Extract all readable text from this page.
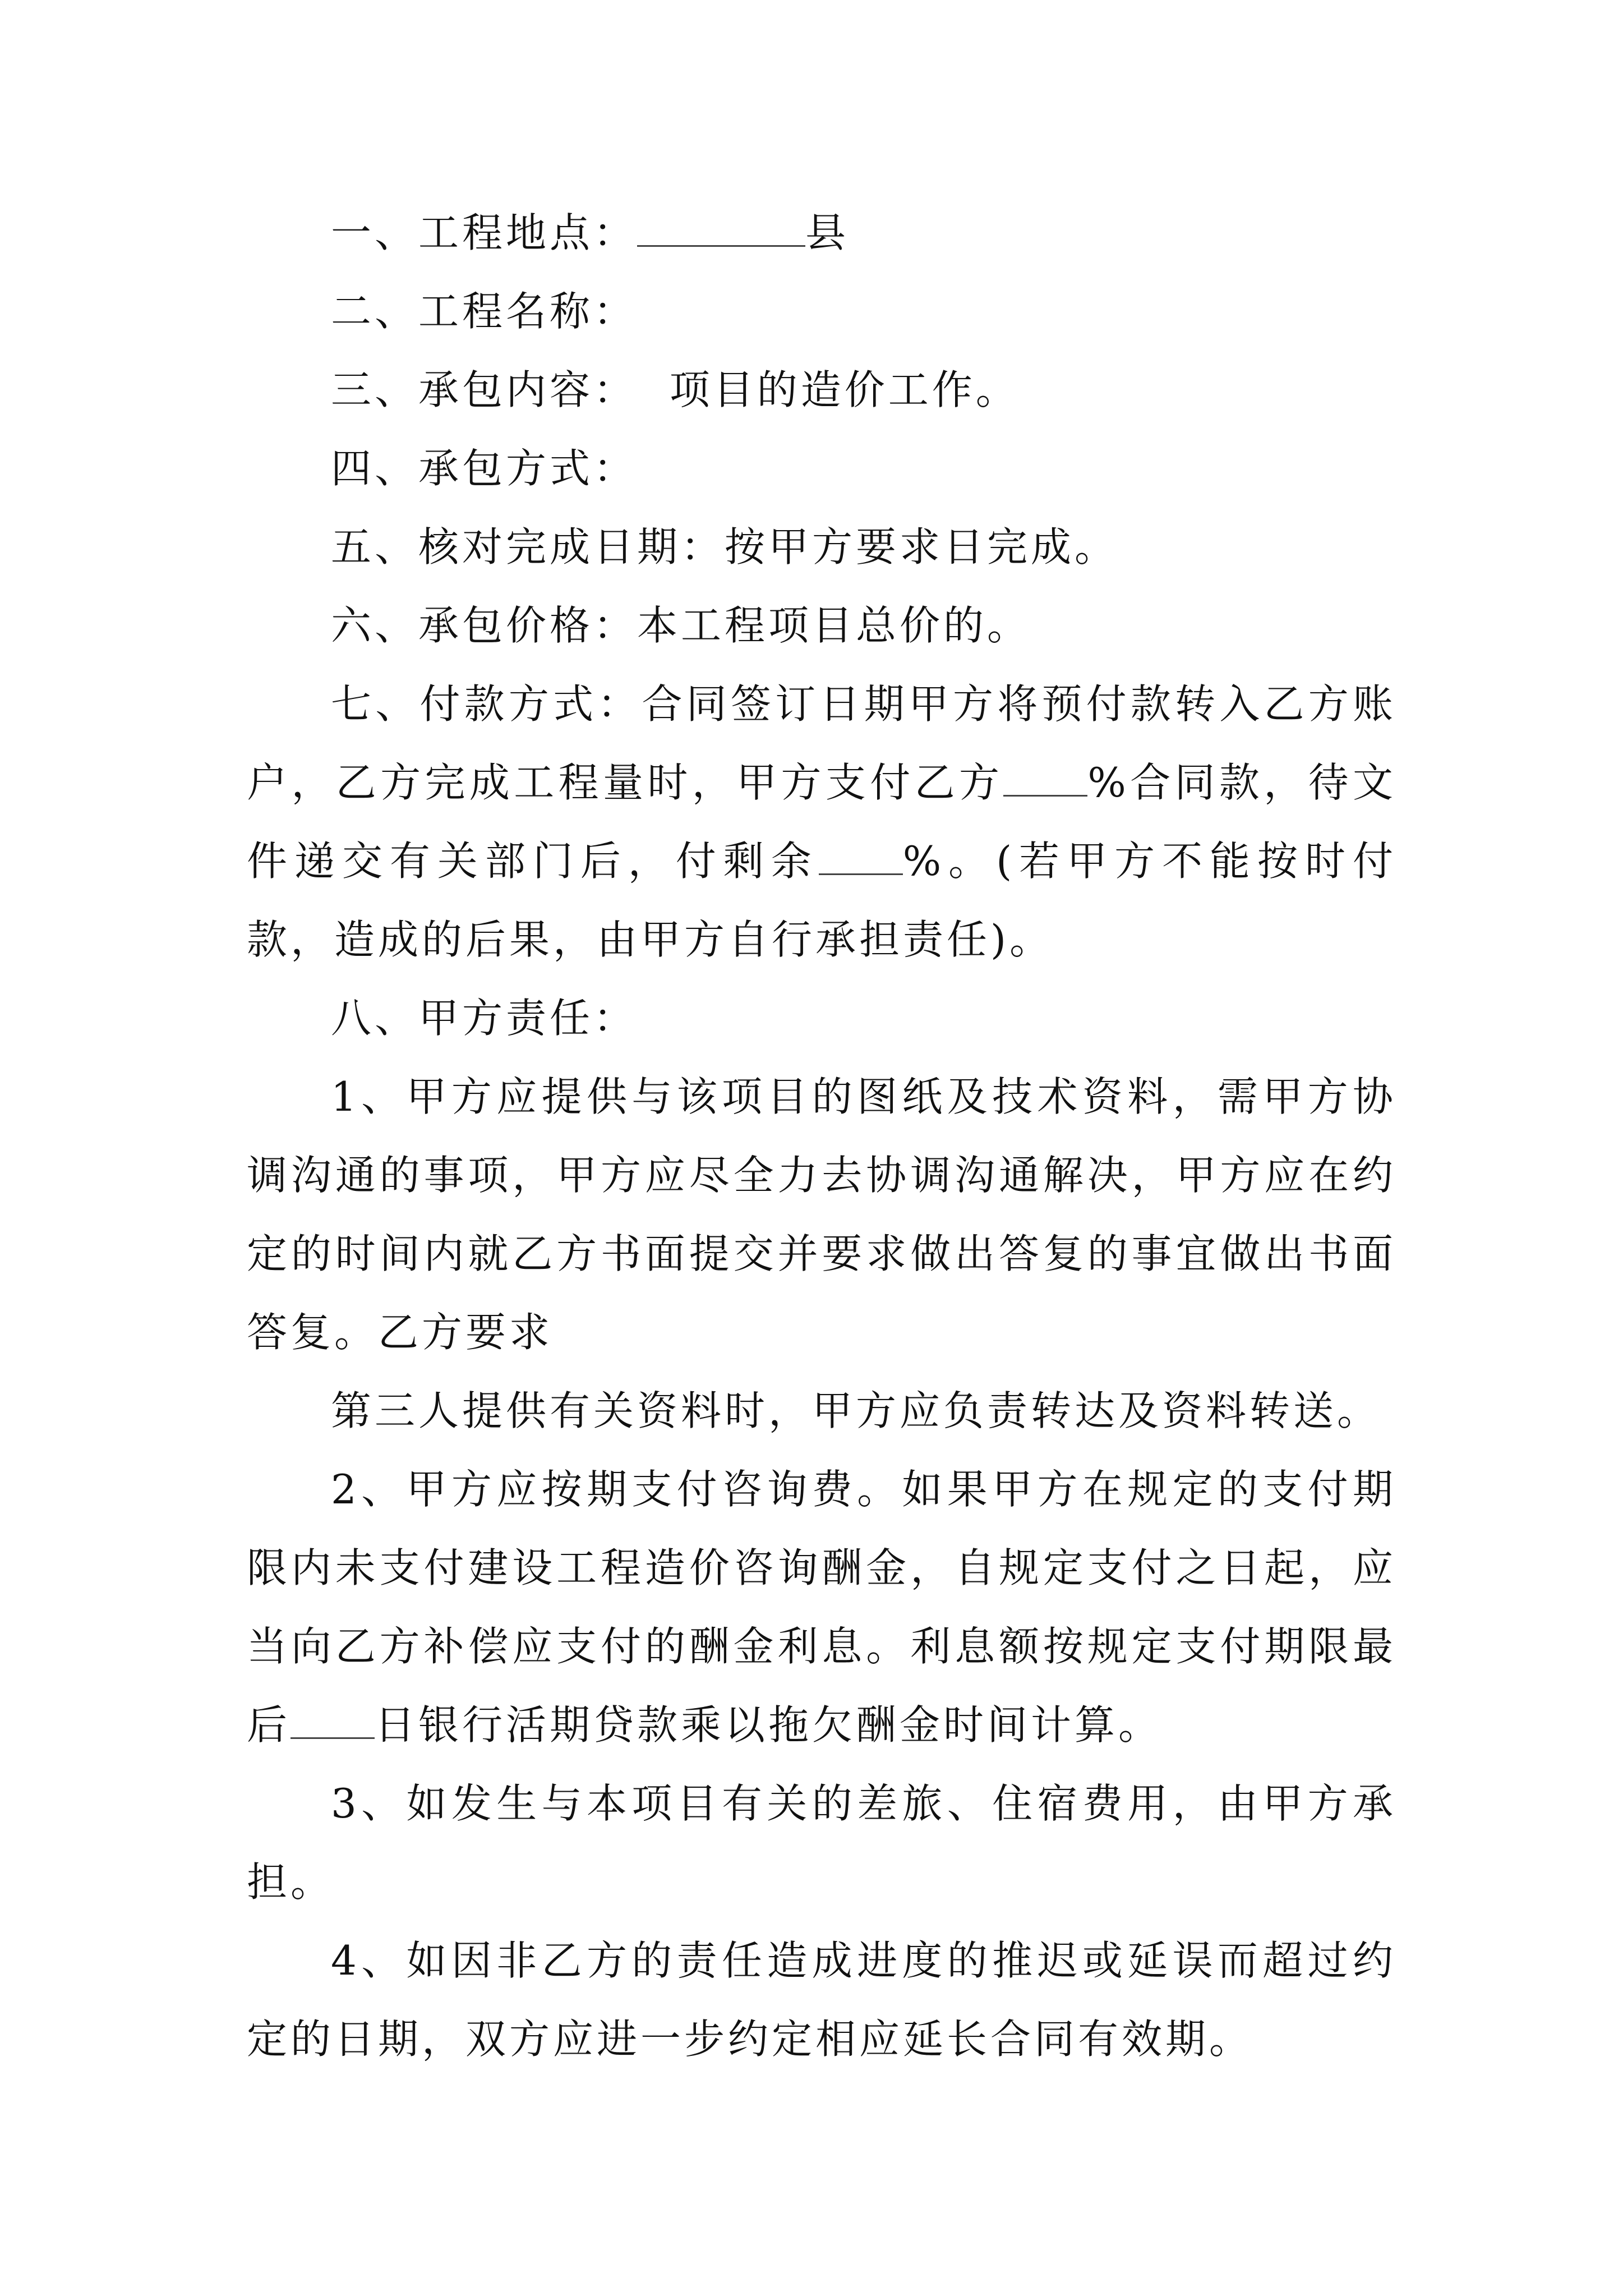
一、工程地点：	县

二、工程名称：

三、承包内容：  项目的造价工作。

四、承包方式：

五、核对完成日期：按甲方要求日完成。

六、承包价格：本工程项目总价的。

七、付款方式：合同签订日期甲方将预付款转入乙方账户，乙方完成工程量时，甲方支付乙方 %合同款，待文件递交有关部门后，付剩余 %。(若甲方不能按时付款，造成的后果，由甲方自行承担责任)。

八、甲方责任：

1、甲方应提供与该项目的图纸及技术资料，需甲方协调沟通的事项，甲方应尽全力去协调沟通解决，甲方应在约定的时间内就乙方书面提交并要求做出答复的事宜做出书面答复。乙方要求

第三人提供有关资料时，甲方应负责转达及资料转送。

2、甲方应按期支付咨询费。如果甲方在规定的支付期限内未支付建设工程造价咨询酬金，自规定支付之日起，应当向乙方补偿应支付的酬金利息。利息额按规定支付期限最后 日银行活期贷款乘以拖欠酬金时间计算。

3、如发生与本项目有关的差旅、住宿费用，由甲方承担。

4、如因非乙方的责任造成进度的推迟或延误而超过约定的日期，双方应进一步约定相应延长合同有效期。
